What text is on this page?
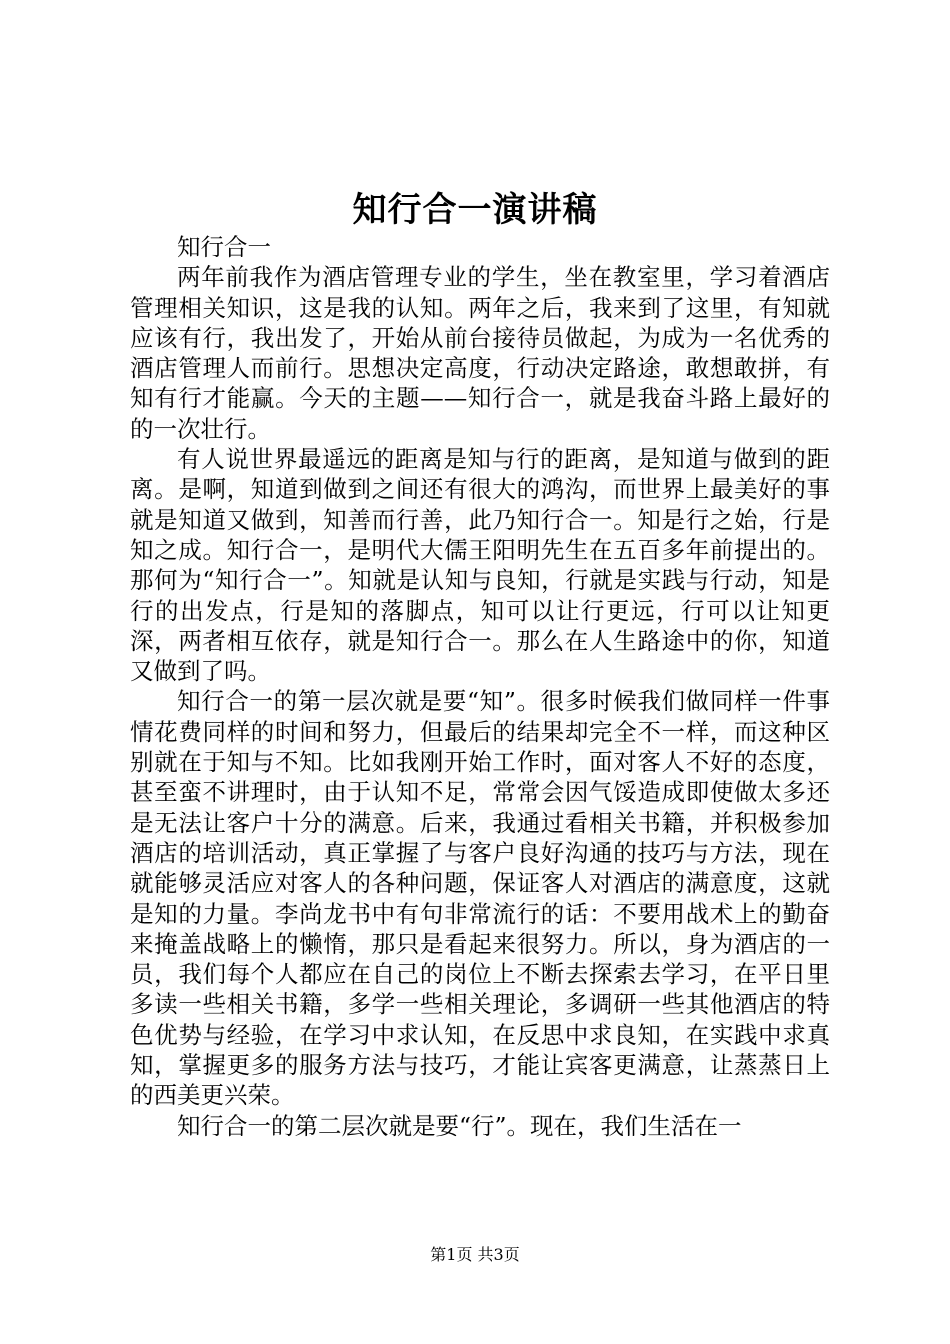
知行合一演讲稿

知行合一

两年前我作为酒店管理专业的学生，坐在教室里，学习着酒店管理相关知识，这是我的认知。两年之后，我来到了这里，有知就应该有行，我出发了，开始从前台接待员做起，为成为一名优秀的酒店管理人而前行。思想决定高度，行动决定路途，敢想敢拼，有知有行才能赢。今天的主题——知行合一，就是我奋斗路上最好的的一次壮行。

有人说世界最遥远的距离是知与行的距离，是知道与做到的距离。是啊，知道到做到之间还有很大的鸿沟，而世界上最美好的事就是知道又做到，知善而行善，此乃知行合一。知是行之始，行是知之成。知行合一，是明代大儒王阳明先生在五百多年前提出的。那何为“知行合一”。知就是认知与良知，行就是实践与行动，知是行的出发点，行是知的落脚点，知可以让行更远，行可以让知更深，两者相互依存，就是知行合一。那么在人生路途中的你，知道又做到了吗。

知行合一的第一层次就是要“知”。很多时候我们做同样一件事情花费同样的时间和努力，但最后的结果却完全不一样，而这种区别就在于知与不知。比如我刚开始工作时，面对客人不好的态度，甚至蛮不讲理时，由于认知不足，常常会因气馁造成即使做太多还是无法让客户十分的满意。后来，我通过看相关书籍，并积极参加酒店的培训活动，真正掌握了与客户良好沟通的技巧与方法，现在就能够灵活应对客人的各种问题，保证客人对酒店的满意度，这就是知的力量。李尚龙书中有句非常流行的话：不要用战术上的勤奋来掩盖战略上的懒惰，那只是看起来很努力。所以，身为酒店的一员，我们每个人都应在自己的岗位上不断去探索去学习，在平日里多读一些相关书籍，多学一些相关理论，多调研一些其他酒店的特色优势与经验，在学习中求认知，在反思中求良知，在实践中求真知，掌握更多的服务方法与技巧，才能让宾客更满意，让蒸蒸日上的西美更兴荣。

知行合一的第二层次就是要“行”。现在，我们生活在一

第1页 共3页
